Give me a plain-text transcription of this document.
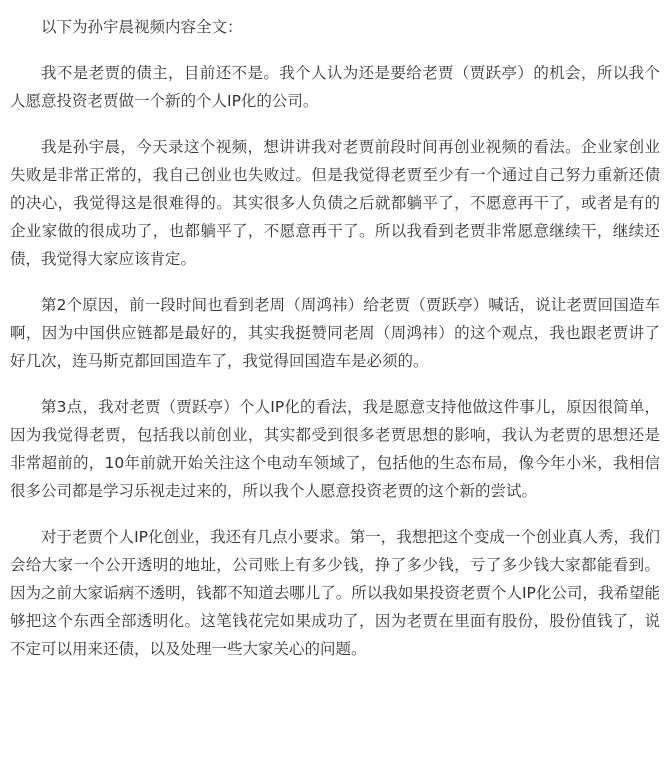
以下为孙宇晨视频内容全文：

我不是老贾的债主，目前还不是。我个人认为还是要给老贾（贾跃亭）的机会，所以我个人愿意投资老贾做一个新的个人IP化的公司。

我是孙宇晨，今天录这个视频，想讲讲我对老贾前段时间再创业视频的看法。企业家创业失败是非常正常的，我自己创业也失败过。但是我觉得老贾至少有一个通过自己努力重新还债的决心，我觉得这是很难得的。其实很多人负债之后就都躺平了，不愿意再干了，或者是有的企业家做的很成功了，也都躺平了，不愿意再干了。所以我看到老贾非常愿意继续干，继续还债，我觉得大家应该肯定。

第2个原因，前一段时间也看到老周（周鸿祎）给老贾（贾跃亭）喊话，说让老贾回国造车啊，因为中国供应链都是最好的，其实我挺赞同老周（周鸿祎）的这个观点，我也跟老贾讲了好几次，连马斯克都回国造车了，我觉得回国造车是必须的。

第3点，我对老贾（贾跃亭）个人IP化的看法，我是愿意支持他做这件事儿，原因很简单，因为我觉得老贾，包括我以前创业，其实都受到很多老贾思想的影响，我认为老贾的思想还是非常超前的，10年前就开始关注这个电动车领域了，包括他的生态布局，像今年小米，我相信很多公司都是学习乐视走过来的，所以我个人愿意投资老贾的这个新的尝试。

对于老贾个人IP化创业，我还有几点小要求。第一，我想把这个变成一个创业真人秀，我们会给大家一个公开透明的地址，公司账上有多少钱，挣了多少钱，亏了多少钱大家都能看到。因为之前大家诟病不透明，钱都不知道去哪儿了。所以我如果投资老贾个人IP化公司，我希望能够把这个东西全部透明化。这笔钱花完如果成功了，因为老贾在里面有股份，股份值钱了，说不定可以用来还债，以及处理一些大家关心的问题。
